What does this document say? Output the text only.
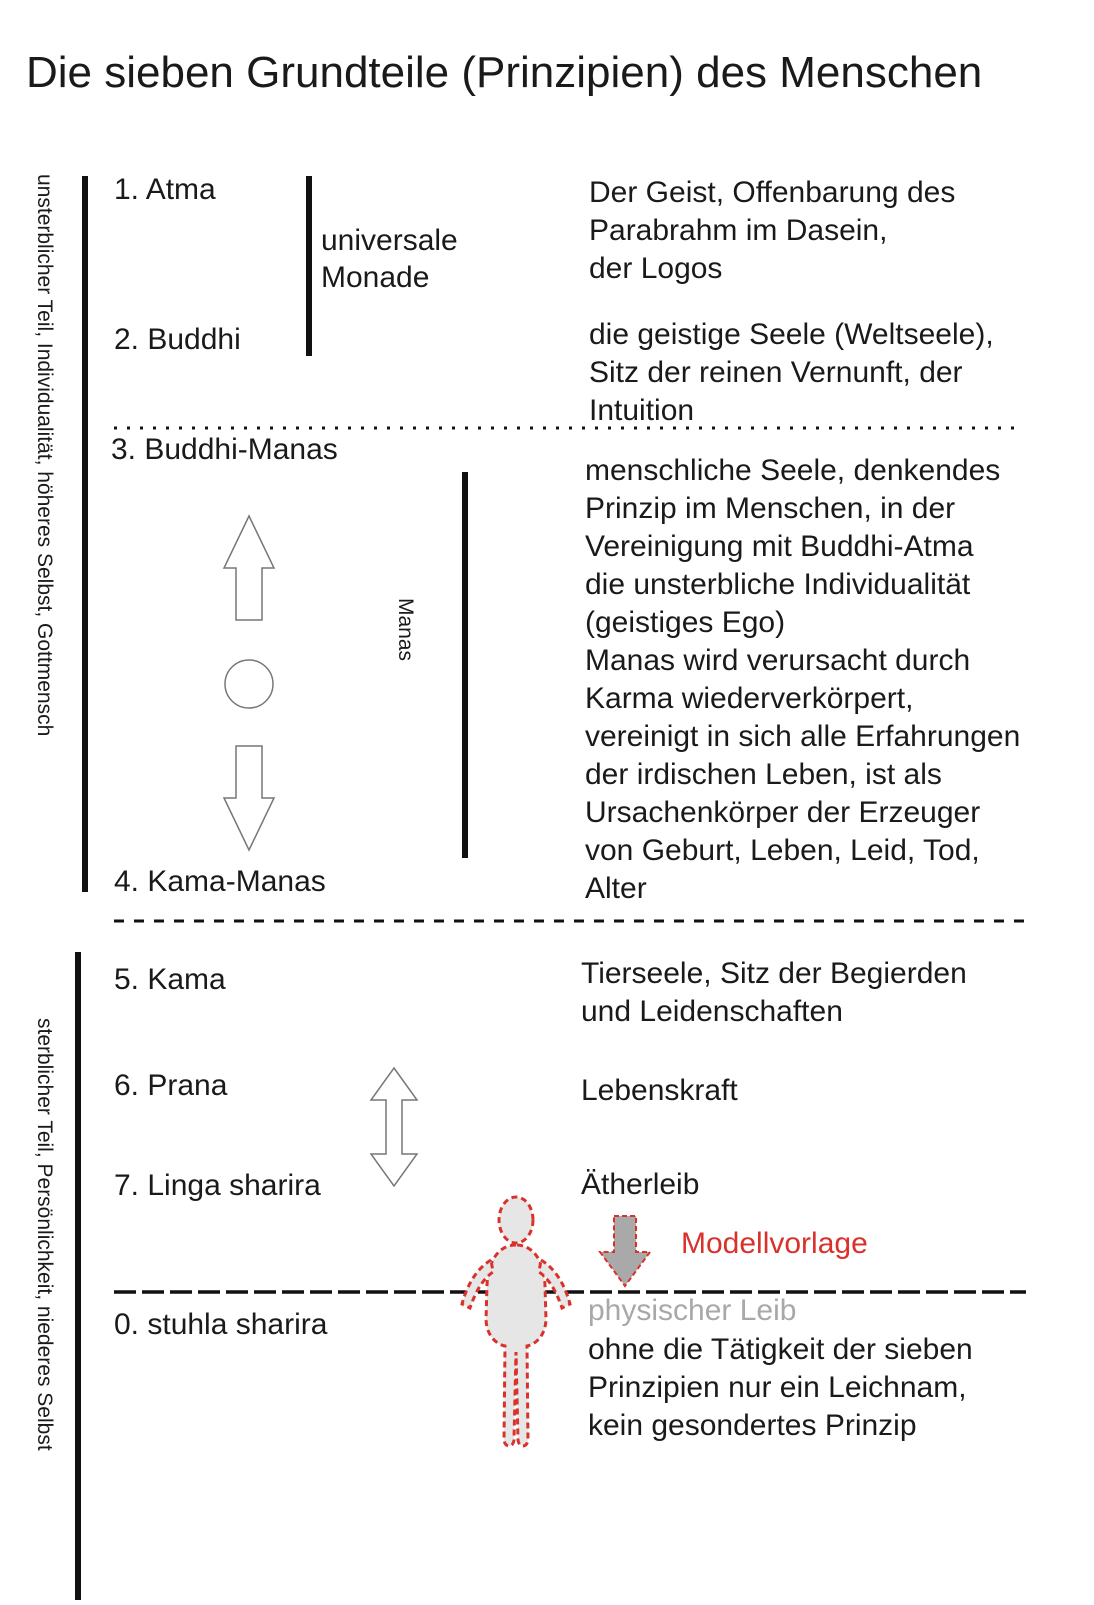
Die sieben Grundteile (Prinzipien) des Menschen
unsterblicher Teil, Individualität, höheres Selbst, Gottmensch
sterblicher Teil, Persönlichkeit, niederes Selbst
1. Atma
2. Buddhi
3. Buddhi-Manas
4. Kama-Manas
5. Kama
6. Prana
7. Linga sharira
0. stuhla sharira
universale
Monade
Manas
Der Geist, Offenbarung des
Parabrahm im Dasein,
der Logos
die geistige Seele (Weltseele),
Sitz der reinen Vernunft, der
Intuition
menschliche Seele, denkendes
Prinzip im Menschen, in der
Vereinigung mit Buddhi-Atma
die unsterbliche Individualität
(geistiges Ego)
Manas wird verursacht durch
Karma wiederverkörpert,
vereinigt in sich alle Erfahrungen
der irdischen Leben, ist als
Ursachenkörper der Erzeuger
von Geburt, Leben, Leid, Tod,
Alter
Tierseele, Sitz der Begierden
und Leidenschaften
Lebenskraft
Ätherleib
Modellvorlage
physischer Leib
ohne die Tätigkeit der sieben
Prinzipien nur ein Leichnam,
kein gesondertes Prinzip
